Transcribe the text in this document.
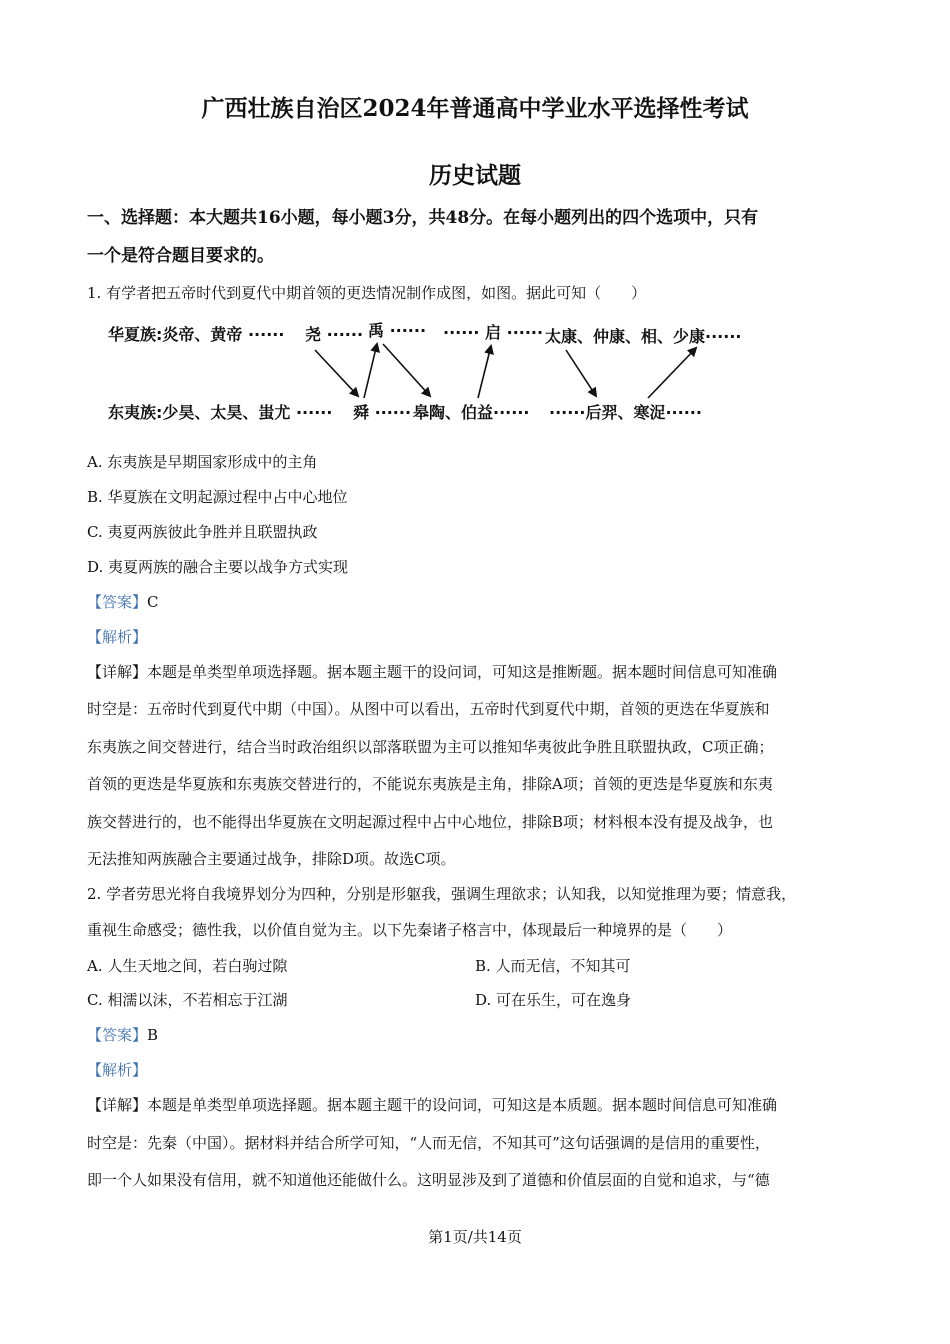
广西壮族自治区2024年普通高中学业水平选择性考试
历史试题
一、选择题：本大题共16小题，每小题3分，共48分。在每小题列出的四个选项中，只有
一个是符合题目要求的。
1. 有学者把五帝时代到夏代中期首领的更迭情况制作成图，如图。据此可知（　　）
华夏族:炎帝、黄帝 ······ 尧 ······ 禹 ······ ······ 启 ······ 太康、仲康、相、少康······
东夷族:少昊、太昊、蚩尤 ······ 舜 ······ 皋陶、伯益······ ······后羿、寒浞······
A. 东夷族是早期国家形成中的主角
B. 华夏族在文明起源过程中占中心地位
C. 夷夏两族彼此争胜并且联盟执政
D. 夷夏两族的融合主要以战争方式实现
【答案】C
【解析】
【详解】本题是单类型单项选择题。据本题主题干的设问词，可知这是推断题。据本题时间信息可知准确
时空是：五帝时代到夏代中期（中国）。从图中可以看出，五帝时代到夏代中期，首领的更迭在华夏族和
东夷族之间交替进行，结合当时政治组织以部落联盟为主可以推知华夷彼此争胜且联盟执政，C项正确；
首领的更迭是华夏族和东夷族交替进行的，不能说东夷族是主角，排除A项；首领的更迭是华夏族和东夷
族交替进行的，也不能得出华夏族在文明起源过程中占中心地位，排除B项；材料根本没有提及战争，也
无法推知两族融合主要通过战争，排除D项。故选C项。
2. 学者劳思光将自我境界划分为四种，分别是形躯我，强调生理欲求；认知我，以知觉推理为要；情意我，
重视生命感受；德性我，以价值自觉为主。以下先秦诸子格言中，体现最后一种境界的是（　　）
A. 人生天地之间，若白驹过隙	B. 人而无信，不知其可
C. 相濡以沫，不若相忘于江湖	D. 可在乐生，可在逸身
【答案】B
【解析】
【详解】本题是单类型单项选择题。据本题主题干的设问词，可知这是本质题。据本题时间信息可知准确
时空是：先秦（中国）。据材料并结合所学可知，“人而无信，不知其可”这句话强调的是信用的重要性，
即一个人如果没有信用，就不知道他还能做什么。这明显涉及到了道德和价值层面的自觉和追求，与“德
第1页/共14页
